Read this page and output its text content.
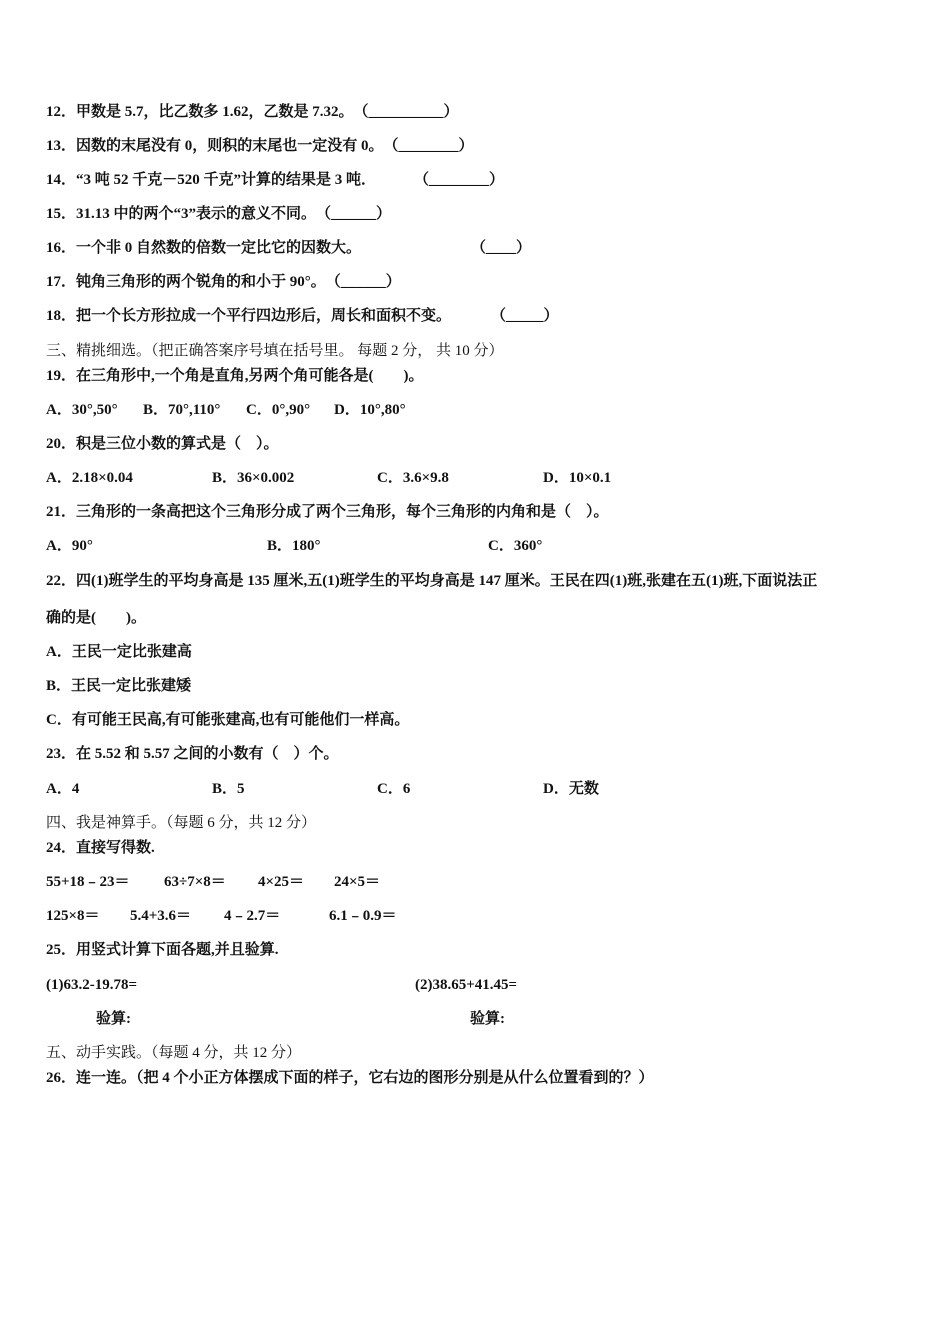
12．甲数是 5.7，比乙数多 1.62，乙数是 7.32。（__________）
13．因数的末尾没有 0，则积的末尾也一定没有 0。（________）
14．“3 吨 52 千克－520 千克”计算的结果是 3 吨．	（________）
15．31.13 中的两个“3”表示的意义不同。（______）
16．一个非 0 自然数的倍数一定比它的因数大。	（____）
17．钝角三角形的两个锐角的和小于 90°。（______）
18．把一个长方形拉成一个平行四边形后，周长和面积不变。	（_____）
三、精挑细选。（把正确答案序号填在括号里。 每题 2 分， 共 10 分）
19．在三角形中,一个角是直角,另两个角可能各是(　　)。
A．30°,50° B．70°,110° C．0°,90° D．10°,80°
20．积是三位小数的算式是（　）。
A．2.18×0.04	B．36×0.002	C．3.6×9.8	D．10×0.1
21．三角形的一条高把这个三角形分成了两个三角形，每个三角形的内角和是（　）。
A．90°	B．180°	C．360°
22．四(1)班学生的平均身高是 135 厘米,五(1)班学生的平均身高是 147 厘米。王民在四(1)班,张建在五(1)班,下面说法正
确的是(　　)。
A．王民一定比张建高
B．王民一定比张建矮
C．有可能王民高,有可能张建高,也有可能他们一样高。
23．在 5.52 和 5.57 之间的小数有（　）个。
A．4	B．5	C．6	D．无数
四、我是神算手。（每题 6 分，共 12 分）
24．直接写得数.
55+18﹣23＝ 63÷7×8＝ 4×25＝ 24×5＝
125×8＝ 5.4+3.6＝ 4﹣2.7＝	6.1﹣0.9＝
25．用竖式计算下面各题,并且验算.
(1)63.2-19.78=	(2)38.65+41.45=
验算:	验算:
五、动手实践。（每题 4 分，共 12 分）
26．连一连。（把 4 个小正方体摆成下面的样子，它右边的图形分别是从什么位置看到的？）
